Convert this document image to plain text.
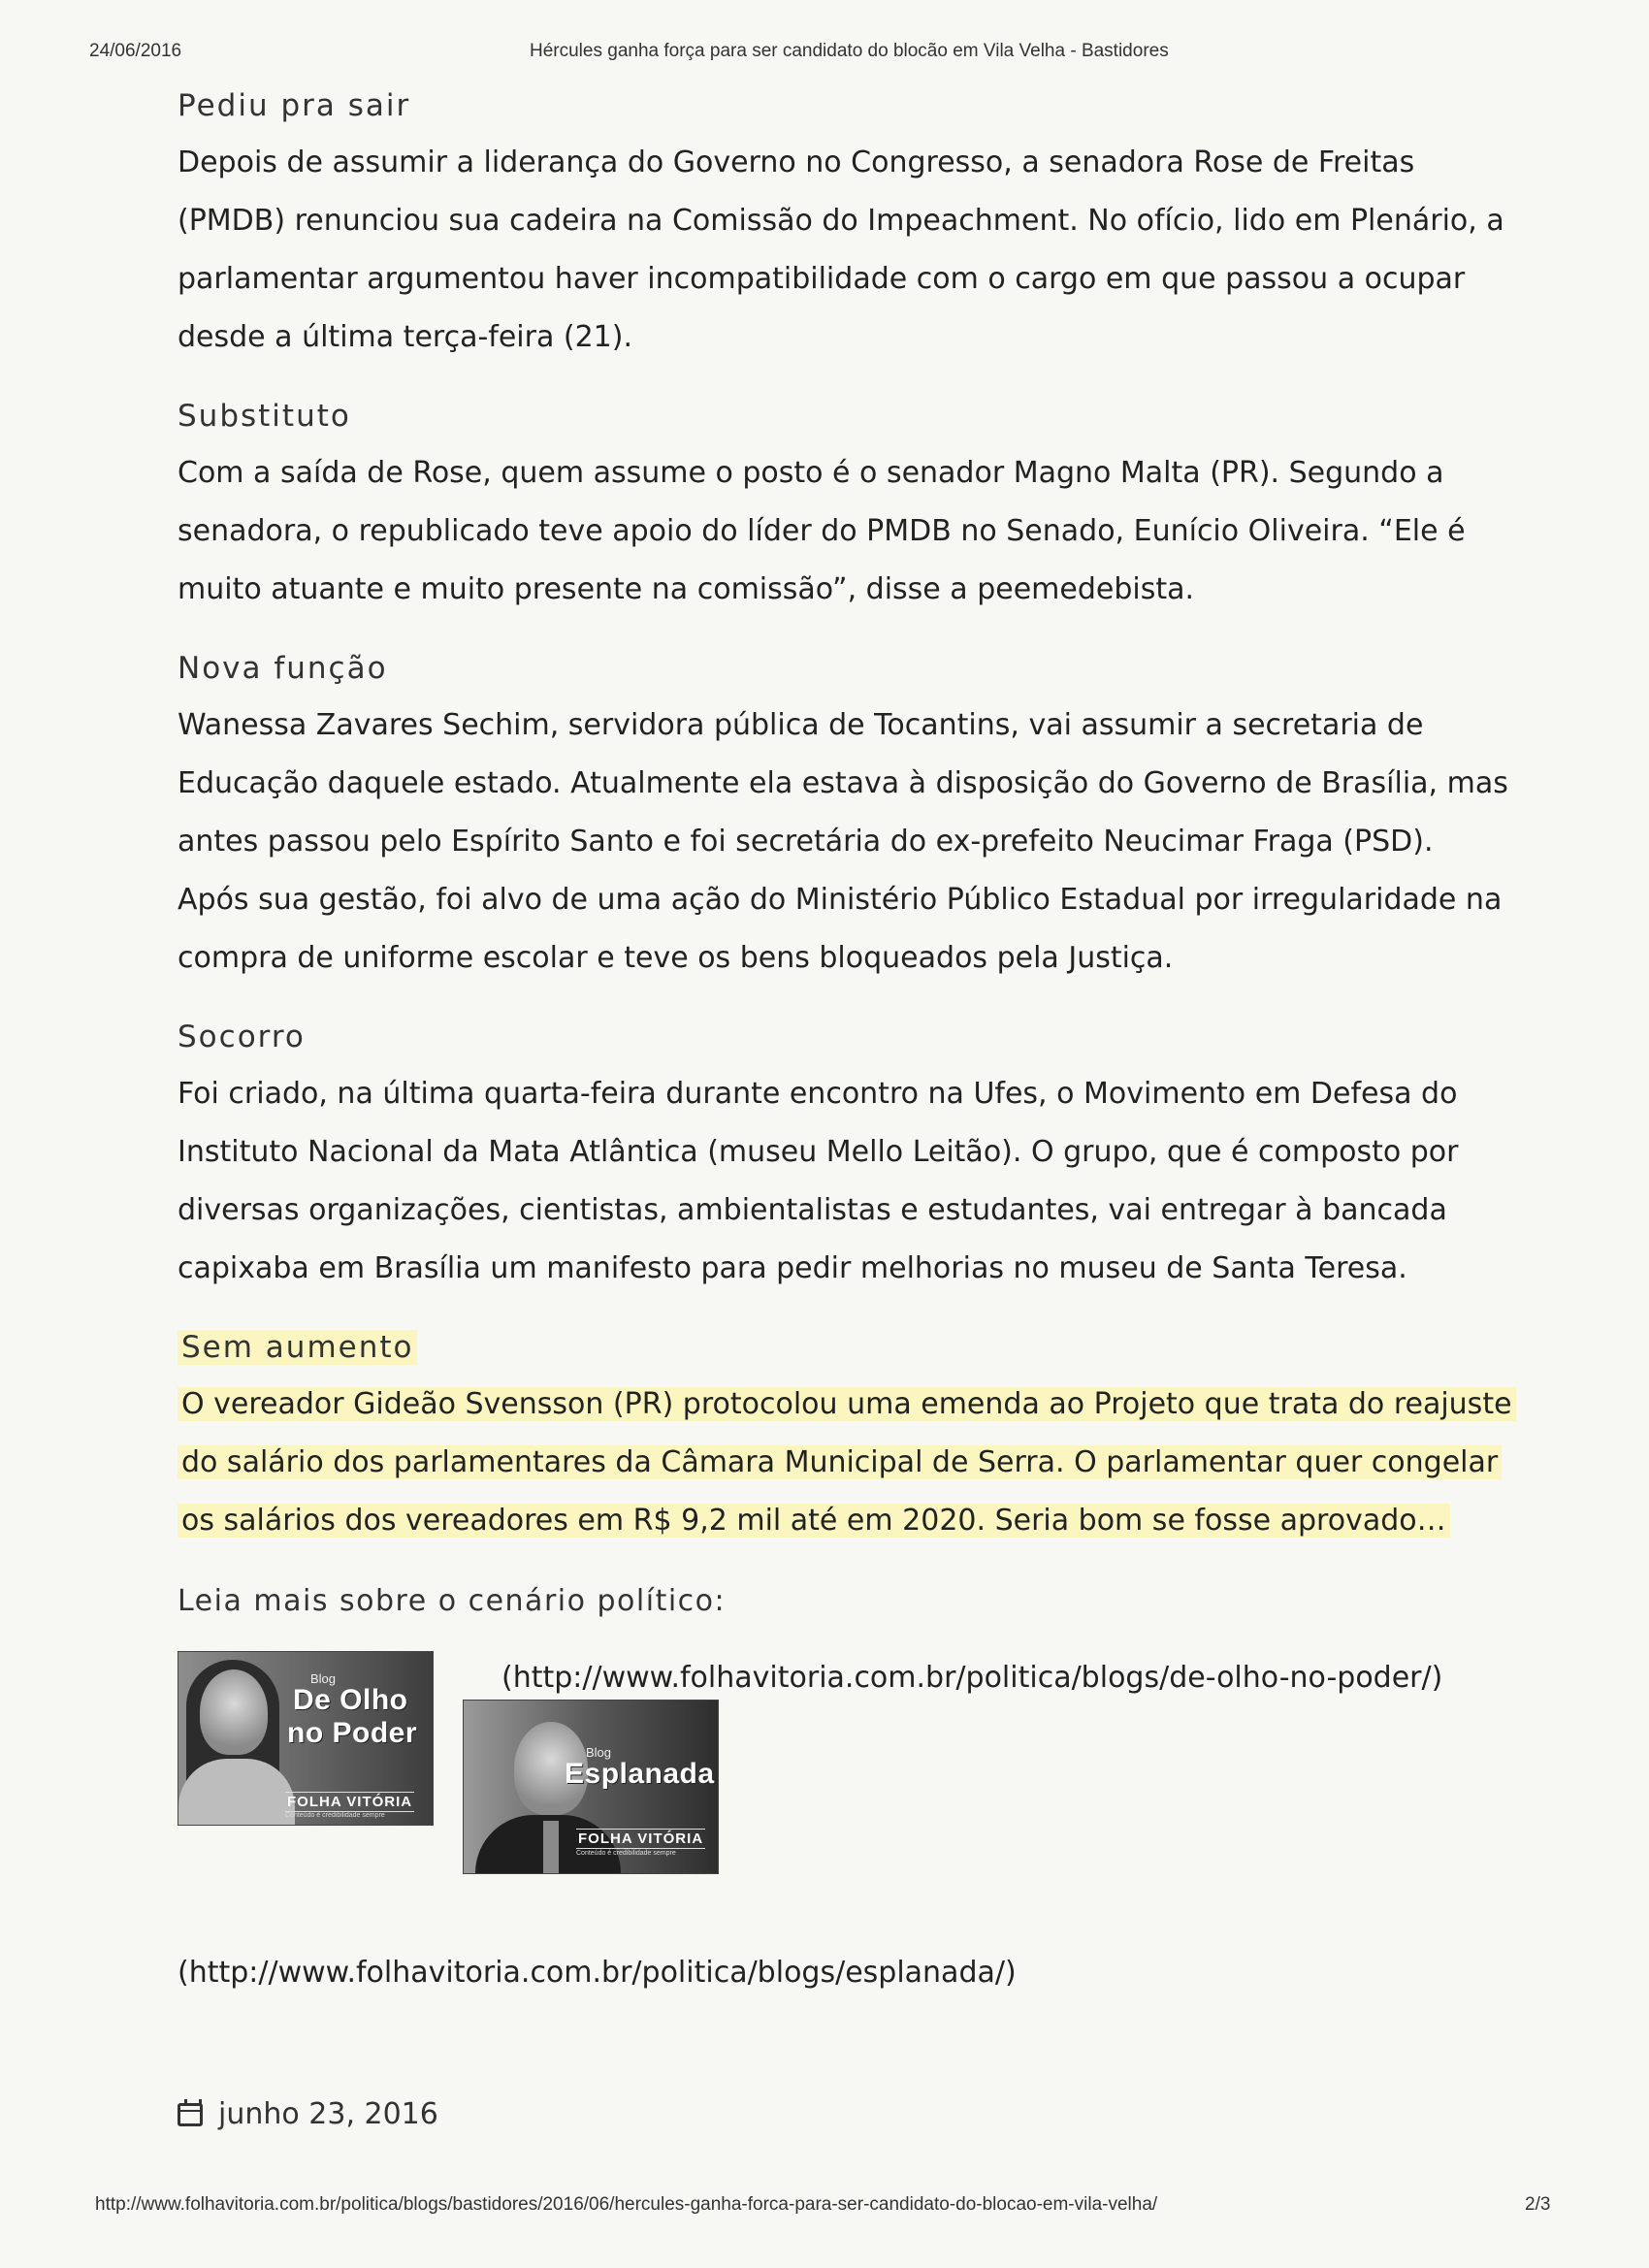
24/06/2016	Hércules ganha força para ser candidato do blocão em Vila Velha - Bastidores
Pediu pra sair

Depois de assumir a liderança do Governo no Congresso, a senadora Rose de Freitas
(PMDB) renunciou sua cadeira na Comissão do Impeachment. No ofício, lido em Plenário, a
parlamentar argumentou haver incompatibilidade com o cargo em que passou a ocupar
desde a última terça-feira (21).

Substituto

Com a saída de Rose, quem assume o posto é o senador Magno Malta (PR). Segundo a
senadora, o republicado teve apoio do líder do PMDB no Senado, Eunício Oliveira. “Ele é
muito atuante e muito presente na comissão”, disse a peemedebista.

Nova função

Wanessa Zavares Sechim, servidora pública de Tocantins, vai assumir a secretaria de
Educação daquele estado. Atualmente ela estava à disposição do Governo de Brasília, mas
antes passou pelo Espírito Santo e foi secretária do ex-prefeito Neucimar Fraga (PSD).
Após sua gestão, foi alvo de uma ação do Ministério Público Estadual por irregularidade na
compra de uniforme escolar e teve os bens bloqueados pela Justiça.

Socorro

Foi criado, na última quarta-feira durante encontro na Ufes, o Movimento em Defesa do
Instituto Nacional da Mata Atlântica (museu Mello Leitão). O grupo, que é composto por
diversas organizações, cientistas, ambientalistas e estudantes, vai entregar à bancada
capixaba em Brasília um manifesto para pedir melhorias no museu de Santa Teresa.

Sem aumento

O vereador Gideão Svensson (PR) protocolou uma emenda ao Projeto que trata do reajuste
do salário dos parlamentares da Câmara Municipal de Serra. O parlamentar quer congelar
os salários dos vereadores em R$ 9,2 mil até em 2020. Seria bom se fosse aprovado…

Leia mais sobre o cenário político:
Blog
De Olho
no Poder
FOLHA VITÓRIA
Conteúdo é credibilidade sempre
(http://www.folhavitoria.com.br/politica/blogs/de-olho-no-poder/)
Blog
Esplanada
FOLHA VITÓRIA
Conteúdo é credibilidade sempre
(http://www.folhavitoria.com.br/politica/blogs/esplanada/)
junho 23, 2016
http://www.folhavitoria.com.br/politica/blogs/bastidores/2016/06/hercules-ganha-forca-para-ser-candidato-do-blocao-em-vila-velha/	2/3
